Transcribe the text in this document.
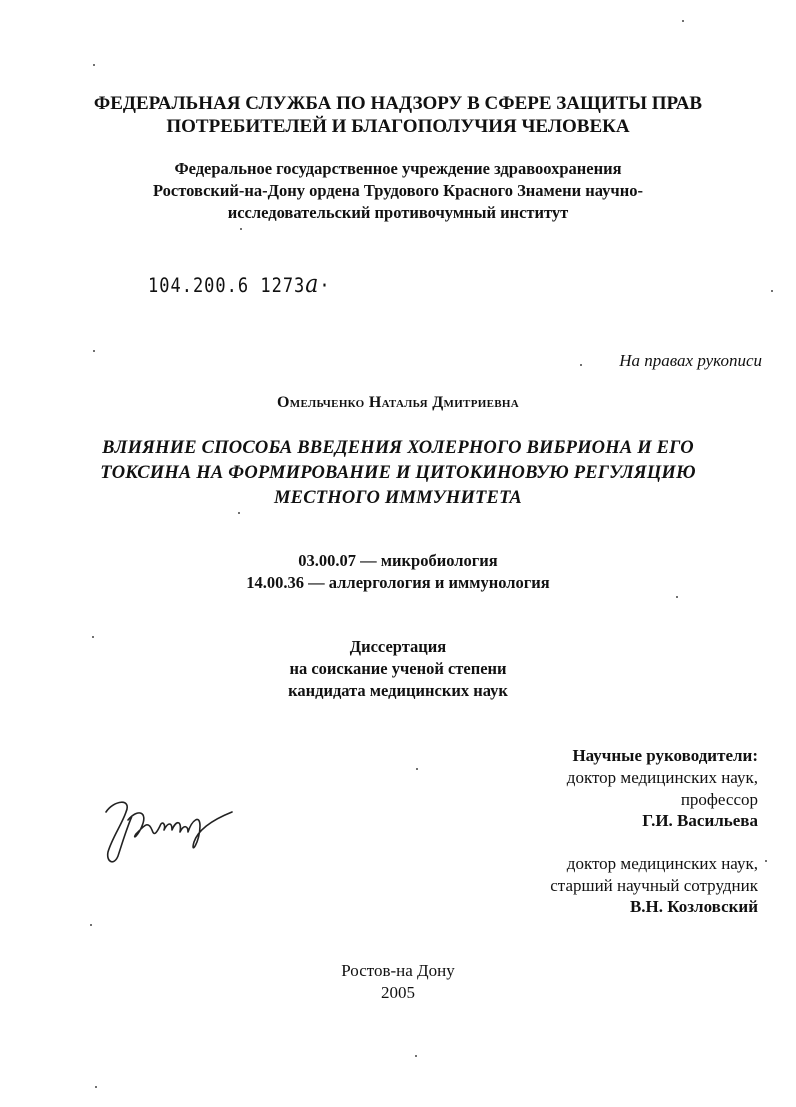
ФЕДЕРАЛЬНАЯ СЛУЖБА ПО НАДЗОРУ В СФЕРЕ ЗАЩИТЫ ПРАВ
ПОТРЕБИТЕЛЕЙ И БЛАГОПОЛУЧИЯ ЧЕЛОВЕКА
Федеральное государственное учреждение здравоохранения
Ростовский-на-Дону ордена Трудового Красного Знамени научно-
исследовательский противочумный институт
104.200.6 1273а·
На правах рукописи
Омельченко Наталья Дмитриевна
ВЛИЯНИЕ СПОСОБА ВВЕДЕНИЯ ХОЛЕРНОГО ВИБРИОНА И ЕГО
ТОКСИНА НА ФОРМИРОВАНИЕ И ЦИТОКИНОВУЮ РЕГУЛЯЦИЮ
МЕСТНОГО ИММУНИТЕТА
03.00.07 — микробиология
14.00.36 — аллергология и иммунология
Диссертация
на соискание ученой степени
кандидата медицинских наук
Научные руководители:
доктор медицинских наук,
профессор
Г.И. Васильева
доктор медицинских наук,
старший научный сотрудник
В.Н. Козловский
Ростов-на Дону
2005
